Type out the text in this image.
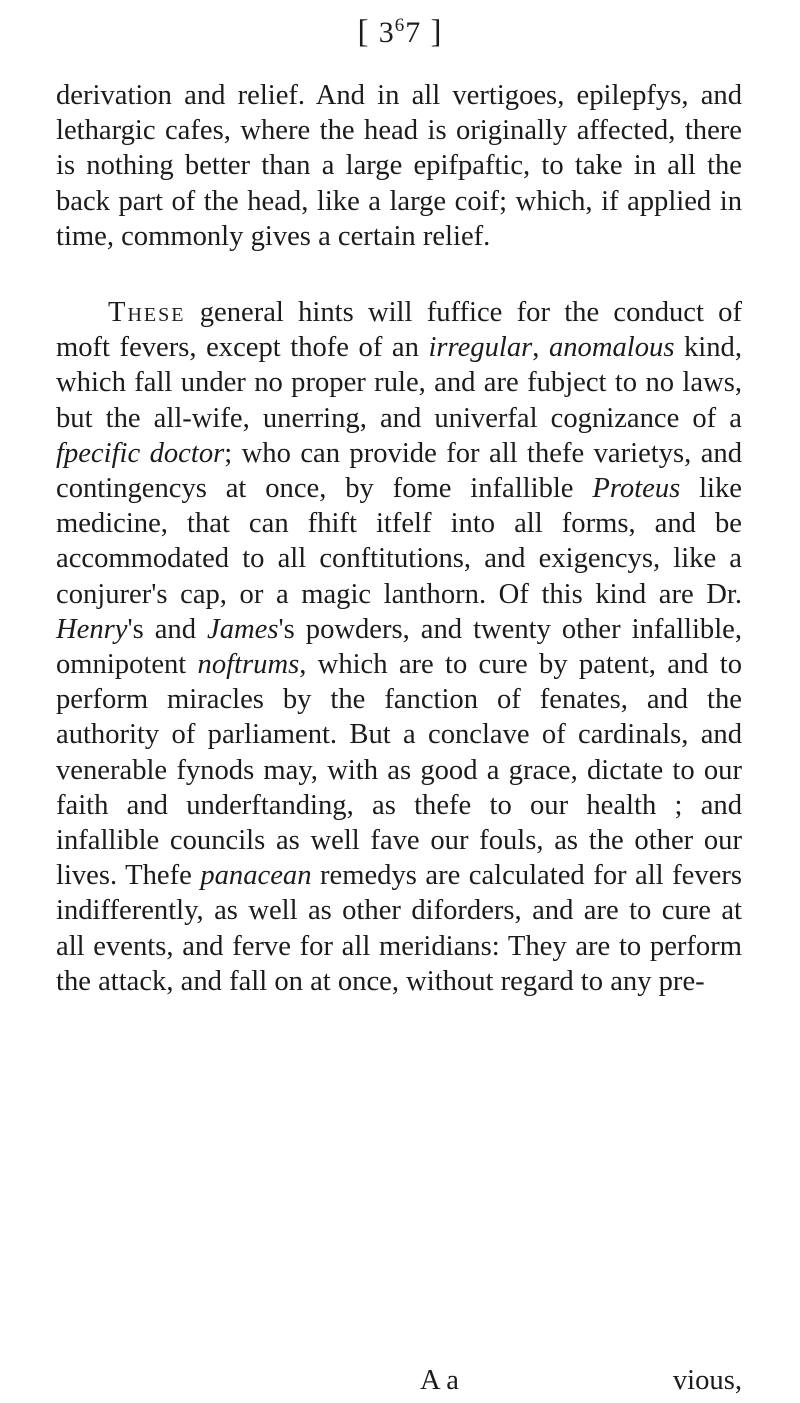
[ $3^67$ ]

derivation and relief. And in all vertigoes, epilepfys, and lethargic cafes, where the head is originally affected, there is nothing better than a large epifpaftic, to take in all the back part of the head, like a large coif; which, if applied in time, commonly gives a certain relief.

These general hints will fuffice for the conduct of moft fevers, except thofe of an irregular, anomalous kind, which fall under no proper rule, and are fubject to no laws, but the all-wife, unerring, and univerfal cognizance of a fpecific doctor; who can provide for all thefe varietys, and contingencys at once, by fome infallible Proteus like medicine, that can fhift itfelf into all forms, and be accommodated to all conftitutions, and exigencys, like a conjurer's cap, or a magic lanthorn. Of this kind are Dr. Henry's and James's powders, and twenty other infallible, omnipotent noftrums, which are to cure by patent, and to perform miracles by the fanction of fenates, and the authority of parliament. But a conclave of cardinals, and venerable fynods may, with as good a grace, dictate to our faith and underftanding, as thefe to our health ; and infallible councils as well fave our fouls, as the other our lives. Thefe panacean remedys are calculated for all fevers indifferently, as well as other diforders, and are to cure at all events, and ferve for all meridians: They are to perform the attack, and fall on at once, without regard to any pre-

A a	vious,
